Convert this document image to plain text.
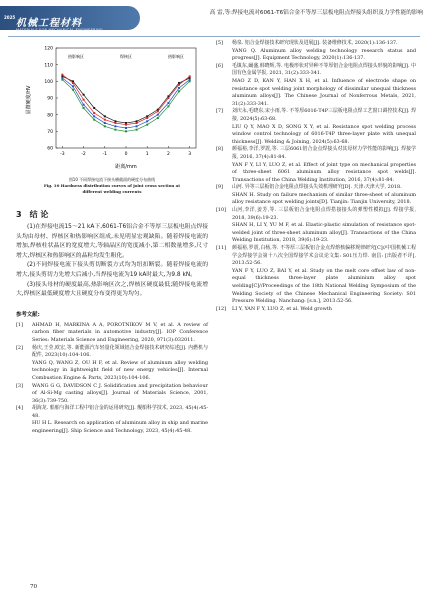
2025
机械工程材料
MATERIALS FOR MECHANICAL ENGINEERING
高 雷,等:焊接电流对6061-T6铝合金不等厚三层板电阻点焊接头组织及力学性能的影响
120
110
100
90
80
70
60
-3	-2	-1	0	1	2	3
显微硬度/HV
距离/mm
热影响区	焊核区	热影响区
图10 不同焊接电流下接头横截面的硬度分布曲线
Fig. 10 Hardness distribution curves of joint cross section at
different welding currents
3 结 论

(1)在焊接电流15～21 kA下,6061-T6铝合金不等厚三层板电阻点焊接头均由母材、焊核区和热影响区组成,未见明显宏观缺陷。随着焊接电流的增加,焊核柱状晶区的宽度增大,等轴晶区的宽度减小,第二相数量增多,尺寸增大,焊核区和热影响区的晶粒均发生粗化。

(2)不同焊接电流下接头剪切断裂方式均为纽扣断裂。随着焊接电流的增大,接头剪切力先增大后减小,当焊接电流为19 kA时最大,为9.8 kN。

(3)接头母材的硬度最高,热影响区次之,焊核区硬度最低;随焊接电流增大,焊核区最低硬度增大且硬度分布变得更为均匀。

参考文献:
[1]	AHMAD H, MARKINA A A, POROTNIKOV M V, et al. A review of carbon fiber materials in automotive industry[J]. IOP Conference Series: Materials Science and Engineering, 2020, 971(3):032011.

[2]	杨庆,王莹,欧宏,等. 新能源汽车轻量化领域铝合金焊接技术研究综述[J]. 内燃机与配件, 2023(10):104-106.

YANG Q, WANG Z, OU H F, et al. Review of aluminum alloy welding technology in lightweight field of new energy vehicles[J]. Internal Combustion Engine & Parts, 2023(10):104-106.

[3]	WANG G G, DAVIDSON C J. Solidification and precipitation behaviour of Al-Si-Mg casting alloys[J]. Journal of Materials Science, 2001, 36(3):739-750.

[4]	胡海龙. 船舶与海洋工程中铝合金的运用研究[J]. 舰船科学技术, 2023, 45(4):45-48.

HU H L. Research on application of aluminum alloy in ship and marine engineering[J]. Ship Science and Technology, 2023, 45(4):45-48.

[5]	杨泉. 铝合金焊接技术研究现状及进展[J]. 装备维修技术, 2020(1):136-137.

YANG Q. Aluminum alloy welding technology research status and progress[J]. Equipment Technology, 2020(1):136-137.

[6]	毛镇东,阚盛,韩晓辉,等. 电极形状对异种不等厚铝合金电阻点焊接头形貌的影响[J]. 中国有色金属学报, 2021, 31(2):333-341.

MAO Z D, KAN Y, HAN X H, et al. Influence of electrode shape on resistance spot welding joint morphology of dissimilar unequal thickness aluminum alloys[J]. The Chinese Journal of Nonferrous Metals, 2021, 31(2):333-341.

[7]	刘庆永,毛晓东,宋小雨,等. 不等厚6016-T4P三层板电阻点焊工艺窗口调控技术[J]. 焊接, 2024(5):63-68.

LIU Q Y, MAO X D, SONG X Y, et al. Resistance spot welding process window control technology of 6016-T4P three-layer plate with unequal thickness[J]. Welding & Joining, 2024(5):63-68.

[8]	颜福裕,李洋,罗震,等. 三层6061铝合金点焊接头对其母材力学性能的影响[J]. 焊接学报, 2016, 37(4):81-84.

YAN F Y, LI Y, LUO Z, et al. Effect of joint type on mechanical properties of three-sheet 6061 aluminum alloy resistance spot welds[J]. Transactions of the China Welding Institution, 2016, 37(4):81-84.

[9]	山河. 异等三层板铝合金电阻点焊接头失效机理研究[D]. 天津:天津大学, 2018.

SHAN H. Study on failure mechanism of similar three-sheet of aluminum alloy resistance spot welding joints[D]. Tianjin: Tianjin University, 2018.

[10]	山河,李洋,姜芳,等. 三层板铝合金电阻点焊搭接接头的弹塑性模拟[J]. 焊接学报, 2018, 39(6):19-23.

SHAN H, LI Y, YU M F, et al. Elastic-plastic simulation of resistance spot-welded joint of three-sheet aluminum alloy[J]. Transactions of the China Welding Institution, 2018, 39(6):19-23.

[11]	颜福裕,罗震,白杨,等. 不等厚三层板铝合金点焊熔核偏移规律研究[C]//中国机械工程学会焊接学会第十八次全国焊接学术会议论文集: S01压力焊. 南昌: [出版者不详], 2013:52-56.

YAN F Y, LUO Z, BAI Y, et al. Study on the melt core offset law of non-equal thickness three-layer plate aluminium alloy spot welding[C]//Proceedings of the 18th National Welding Symposium of the Welding Society of the Chinese Mechanical Engineering Society: S01 Pressure Welding. Nanchang: [s.n.], 2013:52-56.

[12]	LI Y, YAN F Y, LUO Z, et al. Weld growth

70
